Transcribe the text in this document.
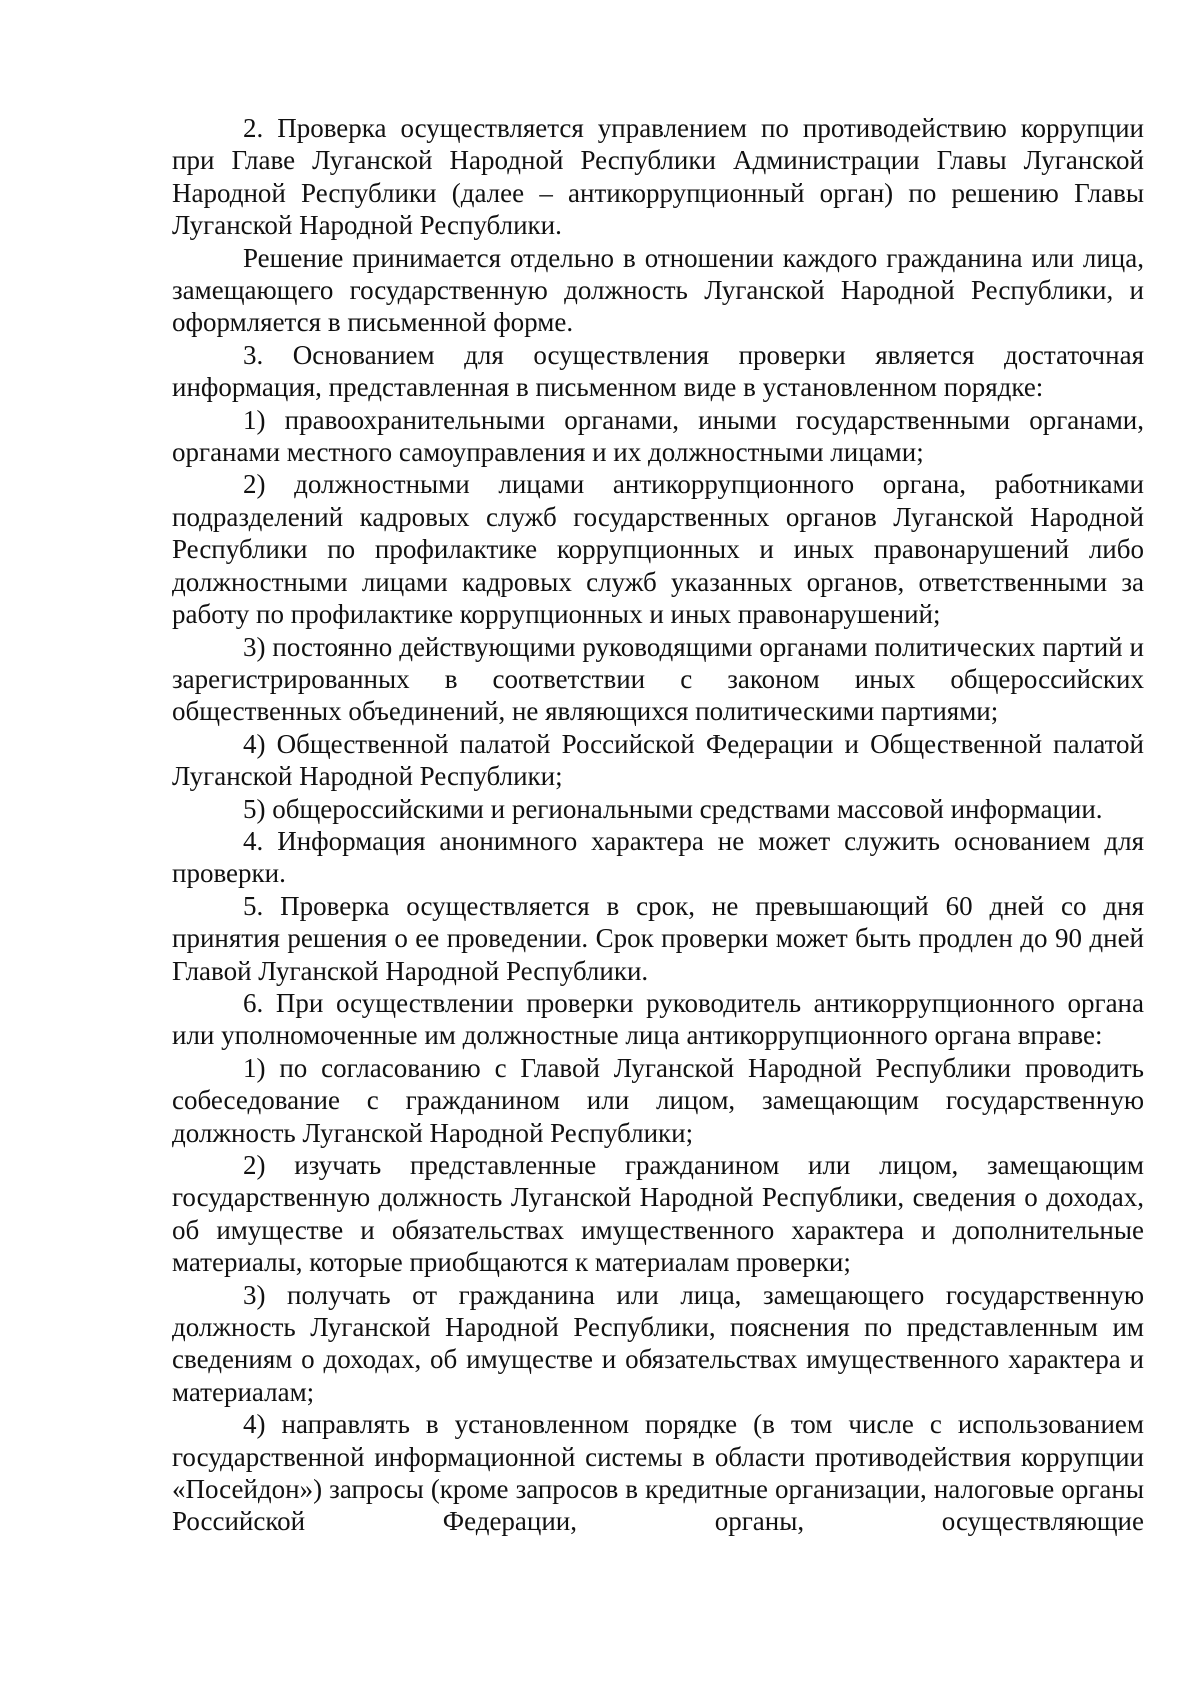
2. Проверка осуществляется управлением по противодействию коррупции при Главе Луганской Народной Республики Администрации Главы Луганской Народной Республики (далее – антикоррупционный орган) по решению Главы Луганской Народной Республики.

Решение принимается отдельно в отношении каждого гражданина или лица, замещающего государственную должность Луганской Народной Республики, и оформляется в письменной форме.

3. Основанием для осуществления проверки является достаточная информация, представленная в письменном виде в установленном порядке:

1) правоохранительными органами, иными государственными органами, органами местного самоуправления и их должностными лицами;

2) должностными лицами антикоррупционного органа, работниками подразделений кадровых служб государственных органов Луганской Народной Республики по профилактике коррупционных и иных правонарушений либо должностными лицами кадровых служб указанных органов, ответственными за работу по профилактике коррупционных и иных правонарушений;

3) постоянно действующими руководящими органами политических партий и зарегистрированных в соответствии с законом иных общероссийских общественных объединений, не являющихся политическими партиями;

4) Общественной палатой Российской Федерации и Общественной палатой Луганской Народной Республики;

5) общероссийскими и региональными средствами массовой информации.

4. Информация анонимного характера не может служить основанием для проверки.

5. Проверка осуществляется в срок, не превышающий 60 дней со дня принятия решения о ее проведении. Срок проверки может быть продлен до 90 дней Главой Луганской Народной Республики.

6. При осуществлении проверки руководитель антикоррупционного органа или уполномоченные им должностные лица антикоррупционного органа вправе:

1) по согласованию с Главой Луганской Народной Республики проводить собеседование с гражданином или лицом, замещающим государственную должность Луганской Народной Республики;

2) изучать представленные гражданином или лицом, замещающим государственную должность Луганской Народной Республики, сведения о доходах, об имуществе и обязательствах имущественного характера и дополнительные материалы, которые приобщаются к материалам проверки;

3) получать от гражданина или лица, замещающего государственную должность Луганской Народной Республики, пояснения по представленным им сведениям о доходах, об имуществе и обязательствах имущественного характера и материалам;

4) направлять в установленном порядке (в том числе с использованием государственной информационной системы в области противодействия коррупции «Посейдон») запросы (кроме запросов в кредитные организации, налоговые органы Российской Федерации, органы, осуществляющие
